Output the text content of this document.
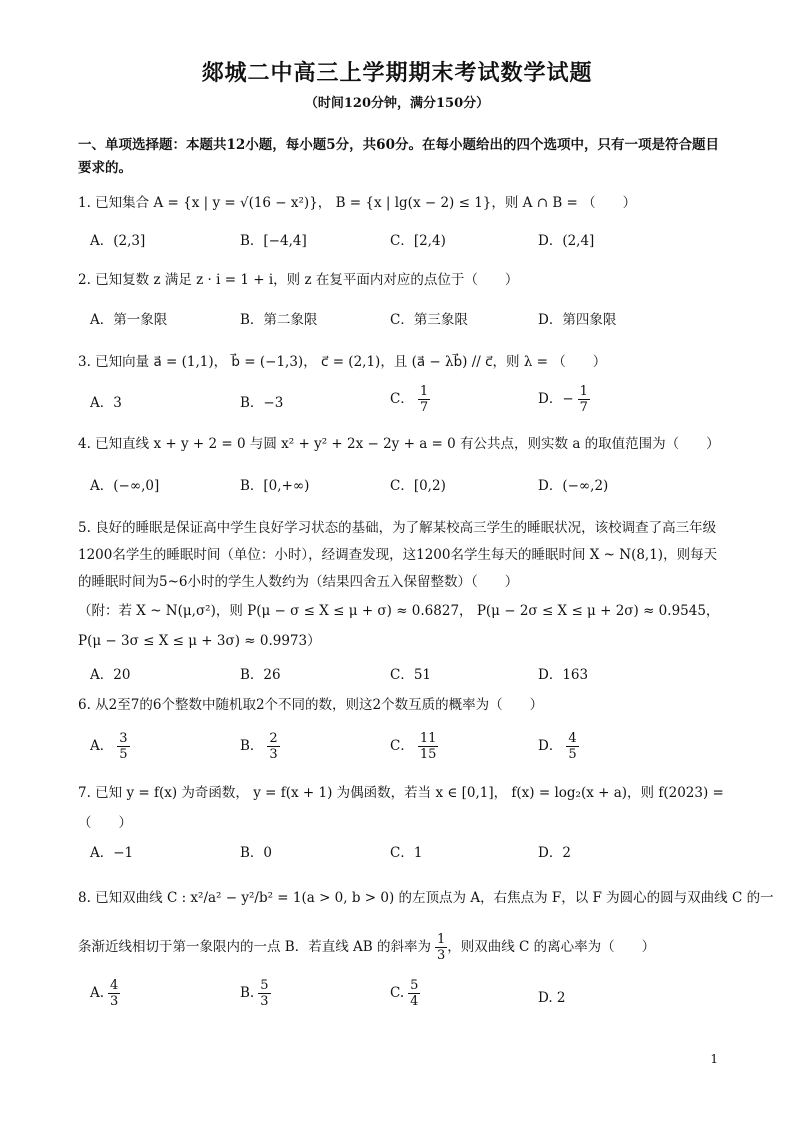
郯城二中高三上学期期末考试数学试题
（时间120分钟，满分150分）
一、单项选择题：本题共12小题，每小题5分，共60分。在每小题给出的四个选项中，只有一项是符合题目要求的。
1. 已知集合 A = {x | y = √(16 − x²)}， B = {x | lg(x − 2) ≤ 1}，则 A ∩ B = （　　）
A．(2,3]	B．[−4,4]	C．[2,4)	D．(2,4]
2. 已知复数 z 满足 z · i = 1 + i，则 z 在复平面内对应的点位于（　　）
A．第一象限	B．第二象限	C．第三象限	D．第四象限
3. 已知向量 a⃗ = (1,1)， b⃗ = (−1,3)， c⃗ = (2,1)，且 (a⃗ − λb⃗) // c⃗，则 λ = （　　）
A．3	B．−3	C． $\frac{1}{7}$	D．− $\frac{1}{7}$
4. 已知直线 x + y + 2 = 0 与圆 x² + y² + 2x − 2y + a = 0 有公共点，则实数 a 的取值范围为（　　）
A．(−∞,0]	B．[0,+∞)	C．[0,2)	D．(−∞,2)
5. 良好的睡眠是保证高中学生良好学习状态的基础，为了解某校高三学生的睡眠状况，该校调查了高三年级1200名学生的睡眠时间（单位：小时），经调查发现，这1200名学生每天的睡眠时间 X ~ N(8,1)，则每天的睡眠时间为5~6小时的学生人数约为（结果四舍五入保留整数）（　　）
（附：若 X ~ N(μ,σ²)，则 P(μ − σ ≤ X ≤ μ + σ) ≈ 0.6827， P(μ − 2σ ≤ X ≤ μ + 2σ) ≈ 0.9545，
P(μ − 3σ ≤ X ≤ μ + 3σ) ≈ 0.9973）
A．20	B．26	C．51	D．163
6. 从2至7的6个整数中随机取2个不同的数，则这2个数互质的概率为（　　）
A． $\frac{3}{5}$	B． $\frac{2}{3}$	C． $\frac{11}{15}$	D． $\frac{4}{5}$
7. 已知 y = f(x) 为奇函数， y = f(x + 1) 为偶函数，若当 x ∈ [0,1]， f(x) = log₂(x + a)，则 f(2023) =
（　　）
A．−1	B．0	C．1	D．2
8. 已知双曲线 C : x²/a² − y²/b² = 1(a > 0, b > 0) 的左顶点为 A，右焦点为 F，以 F 为圆心的圆与双曲线 C 的一
条渐近线相切于第一象限内的一点 B．若直线 AB 的斜率为 $\frac{1}{3}$ ，则双曲线 C 的离心率为（　　）
A. $\frac{4}{3}$	B. $\frac{5}{3}$	C. $\frac{5}{4}$	D. 2
1
